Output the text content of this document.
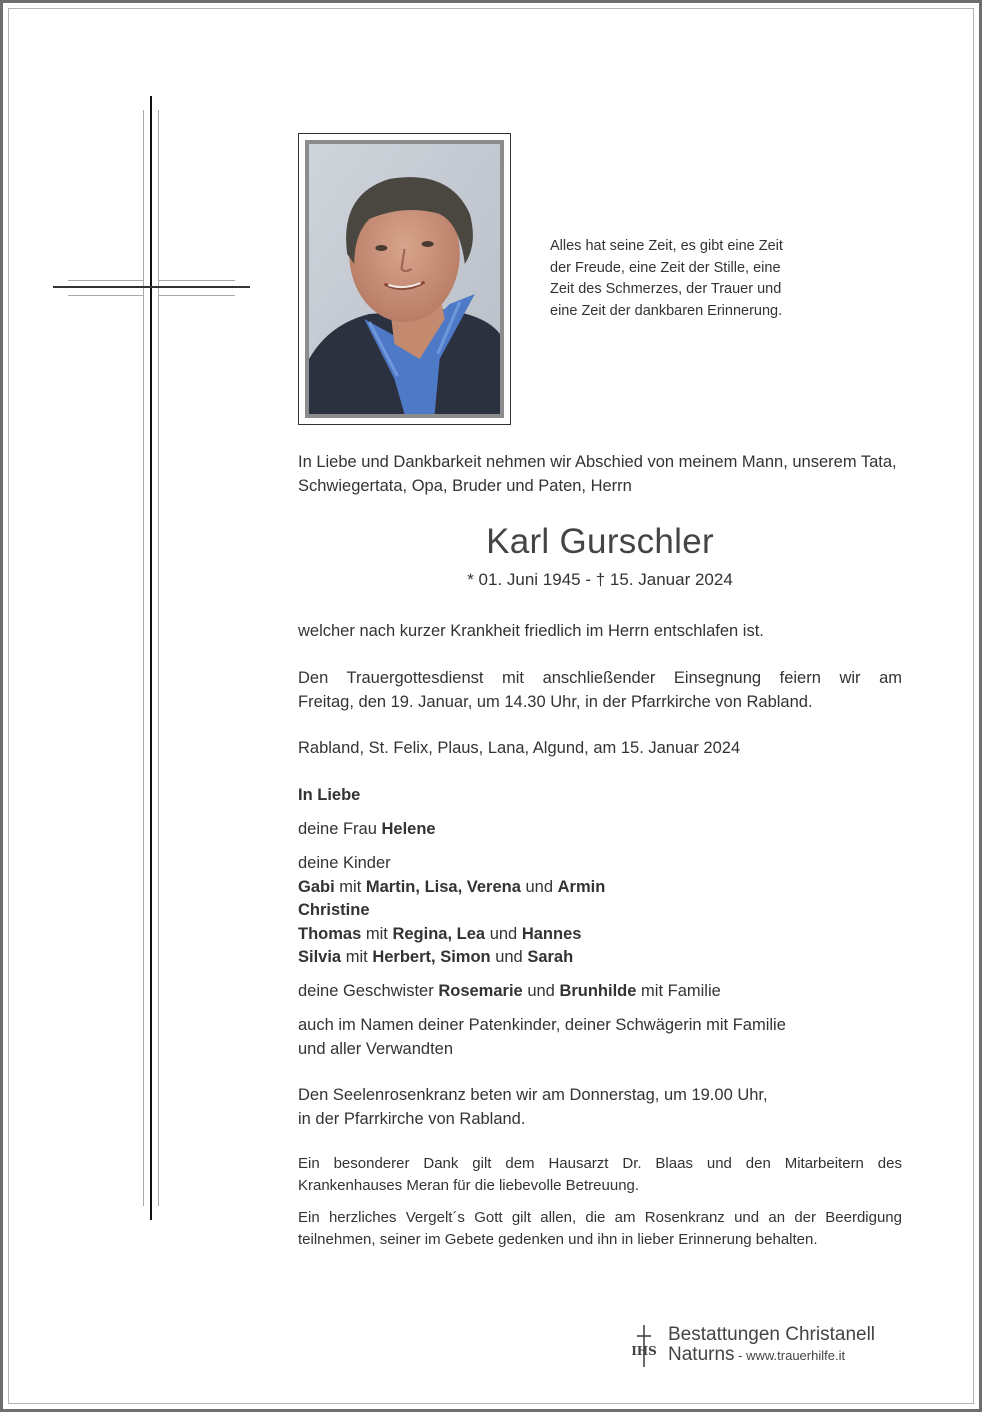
Alles hat seine Zeit, es gibt eine Zeit
der Freude, eine Zeit der Stille, eine
Zeit des Schmerzes, der Trauer und
eine Zeit der dankbaren Erinnerung.
In Liebe und Dankbarkeit nehmen wir Abschied von meinem Mann, unserem Tata, Schwiegertata, Opa, Bruder und Paten, Herrn
Karl Gurschler
* 01. Juni 1945 - † 15. Januar 2024
welcher nach kurzer Krankheit friedlich im Herrn entschlafen ist.
Den Trauergottesdienst mit anschließender Einsegnung feiern wir am
Freitag, den 19. Januar, um 14.30 Uhr, in der Pfarrkirche von Rabland.
Rabland, St. Felix, Plaus, Lana, Algund, am 15. Januar 2024
In Liebe
deine Frau Helene
deine Kinder
Gabi mit Martin, Lisa, Verena und Armin
Christine
Thomas mit Regina, Lea und Hannes
Silvia mit Herbert, Simon und Sarah
deine Geschwister Rosemarie und Brunhilde mit Familie
auch im Namen deiner Patenkinder, deiner Schwägerin mit Familie
und aller Verwandten
Den Seelenrosenkranz beten wir am Donnerstag, um 19.00 Uhr,
in der Pfarrkirche von Rabland.
Ein besonderer Dank gilt dem Hausarzt Dr. Blaas und den Mitarbeitern des
Krankenhauses Meran für die liebevolle Betreuung.
Ein herzliches Vergelt´s Gott gilt allen, die am Rosenkranz und an der Beerdigung
teilnehmen, seiner im Gebete gedenken und ihn in lieber Erinnerung behalten.
IHS
Bestattungen Christanell
Naturns - www.trauerhilfe.it
